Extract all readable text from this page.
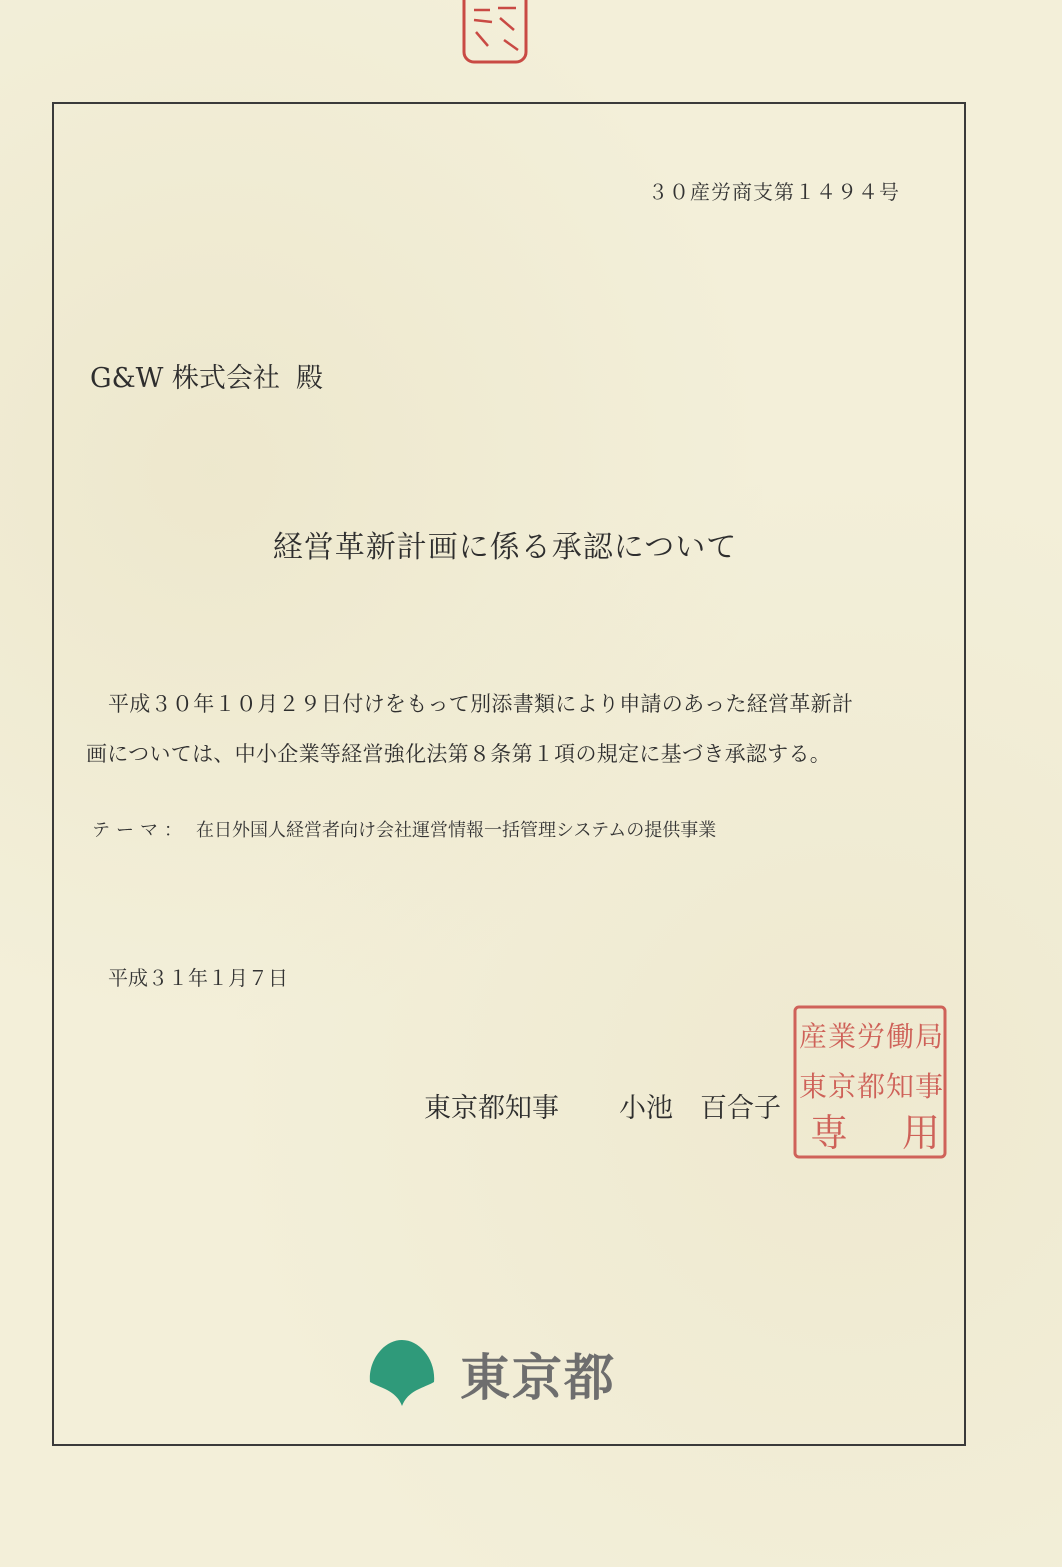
３０産労商支第１４９４号
G&W 株式会社 殿
経営革新計画に係る承認について
平成３０年１０月２９日付けをもって別添書類により申請のあった経営革新計
画については、中小企業等経営強化法第８条第１項の規定に基づき承認する。
テーマ： 在日外国人経営者向け会社運営情報一括管理システムの提供事業
平成３１年１月７日
東京都知事 小池　百合子
産 業 労 働 局
東 京 都 知 事
専 用
東京都
